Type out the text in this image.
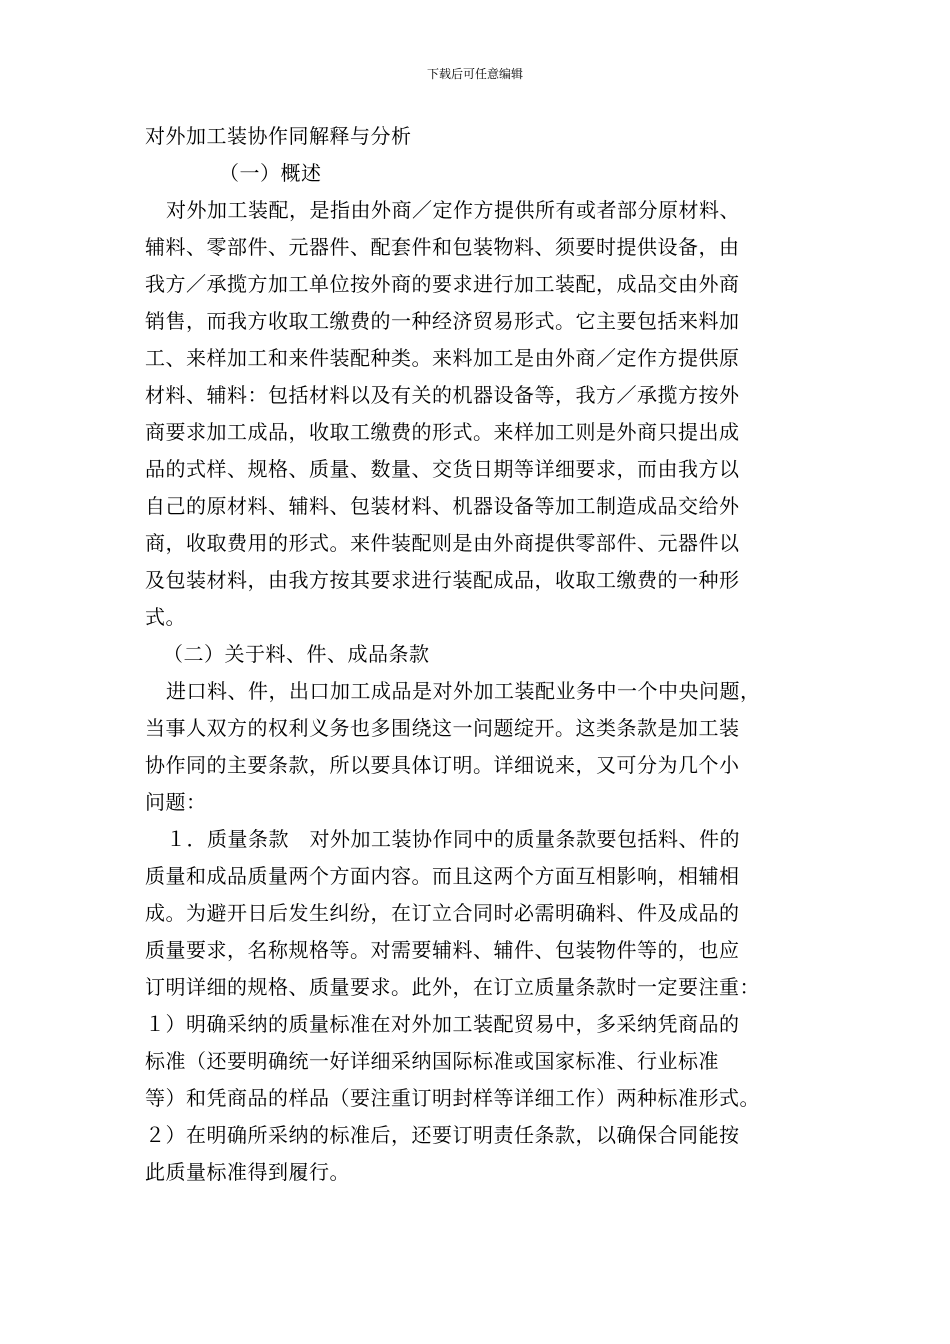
下载后可任意编辑

对外加工装协作同解释与分析

（一）概述

对外加工装配，是指由外商／定作方提供所有或者部分原材料、

辅料、零部件、元器件、配套件和包装物料、须要时提供设备，由

我方／承揽方加工单位按外商的要求进行加工装配，成品交由外商

销售，而我方收取工缴费的一种经济贸易形式。它主要包括来料加

工、来样加工和来件装配种类。来料加工是由外商／定作方提供原

材料、辅料：包括材料以及有关的机器设备等，我方／承揽方按外

商要求加工成品，收取工缴费的形式。来样加工则是外商只提出成

品的式样、规格、质量、数量、交货日期等详细要求，而由我方以

自己的原材料、辅料、包装材料、机器设备等加工制造成品交给外

商，收取费用的形式。来件装配则是由外商提供零部件、元器件以

及包装材料，由我方按其要求进行装配成品，收取工缴费的一种形

式。

（二）关于料、件、成品条款

进口料、件，出口加工成品是对外加工装配业务中一个中央问题，

当事人双方的权利义务也多围绕这一问题绽开。这类条款是加工装

协作同的主要条款，所以要具体订明。详细说来，又可分为几个小

问题：

１．质量条款　对外加工装协作同中的质量条款要包括料、件的

质量和成品质量两个方面内容。而且这两个方面互相影响，相辅相

成。为避开日后发生纠纷，在订立合同时必需明确料、件及成品的

质量要求，名称规格等。对需要辅料、辅件、包装物件等的，也应

订明详细的规格、质量要求。此外，在订立质量条款时一定要注重：

１）明确采纳的质量标准在对外加工装配贸易中，多采纳凭商品的

标准（还要明确统一好详细采纳国际标准或国家标准、行业标准

等）和凭商品的样品（要注重订明封样等详细工作）两种标准形式。

２）在明确所采纳的标准后，还要订明责任条款，以确保合同能按

此质量标准得到履行。
